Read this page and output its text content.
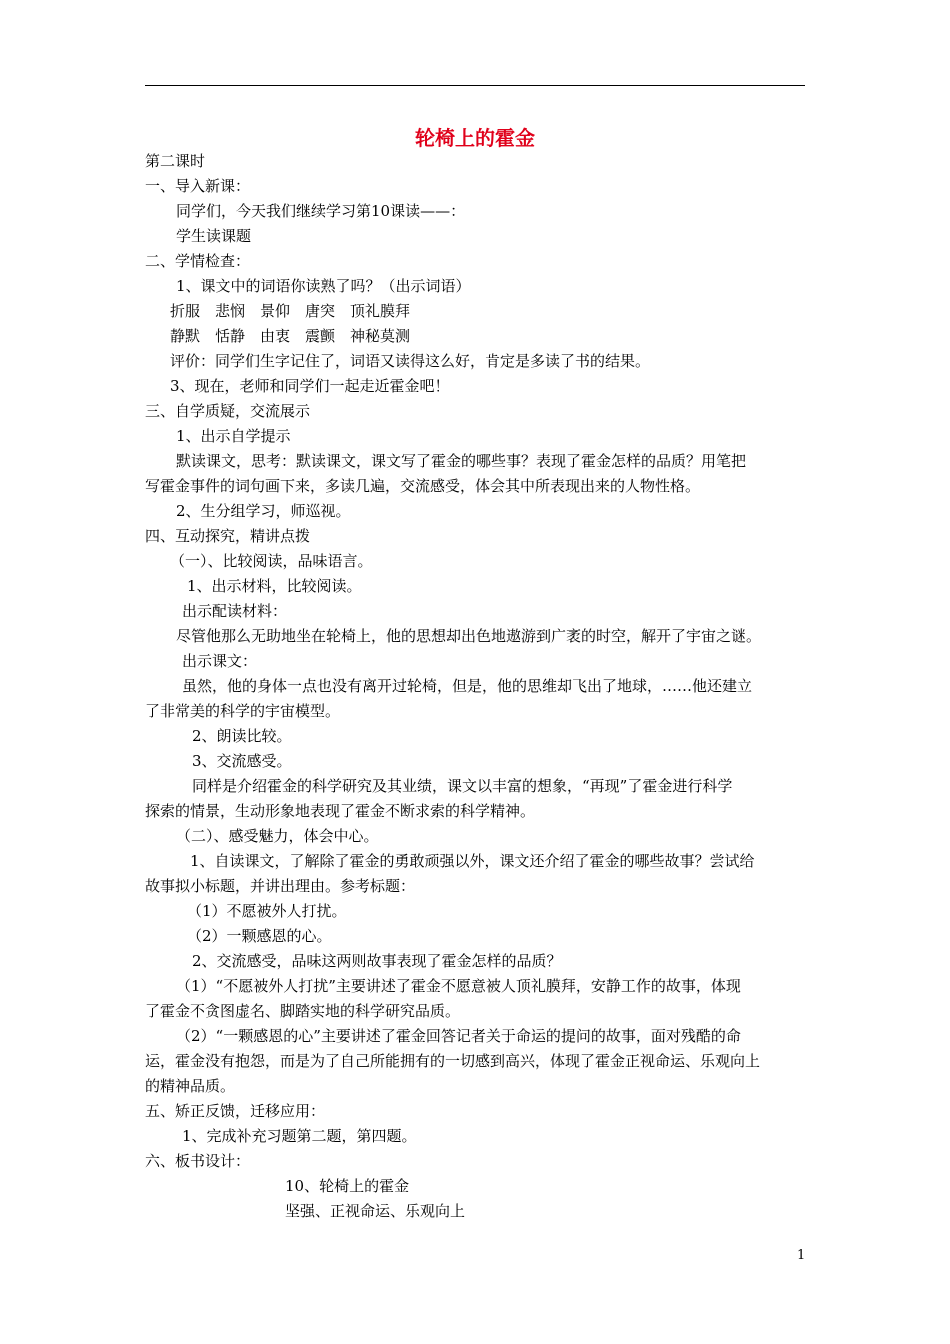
轮椅上的霍金
第二课时
一、导入新课：
同学们，今天我们继续学习第10课读——：
学生读课题
二、学情检查：
1、课文中的词语你读熟了吗？（出示词语）
折服　悲悯　景仰　唐突　顶礼膜拜
静默　恬静　由衷　震颤　神秘莫测
评价：同学们生字记住了，词语又读得这么好，肯定是多读了书的结果。
3、现在，老师和同学们一起走近霍金吧！
三、自学质疑，交流展示
1、出示自学提示
默读课文，思考：默读课文，课文写了霍金的哪些事？表现了霍金怎样的品质？用笔把
写霍金事件的词句画下来，多读几遍，交流感受，体会其中所表现出来的人物性格。
2、生分组学习，师巡视。
四、互动探究，精讲点拨
（一）、比较阅读，品味语言。
1、出示材料，比较阅读。
出示配读材料：
尽管他那么无助地坐在轮椅上，他的思想却出色地遨游到广袤的时空，解开了宇宙之谜。
出示课文：
虽然，他的身体一点也没有离开过轮椅，但是，他的思维却飞出了地球，……他还建立
了非常美的科学的宇宙模型。
2、朗读比较。
3、交流感受。
同样是介绍霍金的科学研究及其业绩，课文以丰富的想象，“再现”了霍金进行科学
探索的情景，生动形象地表现了霍金不断求索的科学精神。
（二）、感受魅力，体会中心。
1、自读课文，了解除了霍金的勇敢顽强以外，课文还介绍了霍金的哪些故事？尝试给
故事拟小标题，并讲出理由。参考标题：
（1）不愿被外人打扰。
（2）一颗感恩的心。
2、交流感受，品味这两则故事表现了霍金怎样的品质？
（1）“不愿被外人打扰”主要讲述了霍金不愿意被人顶礼膜拜，安静工作的故事，体现
了霍金不贪图虚名、脚踏实地的科学研究品质。
（2）“一颗感恩的心”主要讲述了霍金回答记者关于命运的提问的故事，面对残酷的命
运，霍金没有抱怨，而是为了自己所能拥有的一切感到高兴，体现了霍金正视命运、乐观向上
的精神品质。
五、矫正反馈，迁移应用：
1、完成补充习题第二题，第四题。
六、板书设计：
10、轮椅上的霍金
坚强、正视命运、乐观向上
1
